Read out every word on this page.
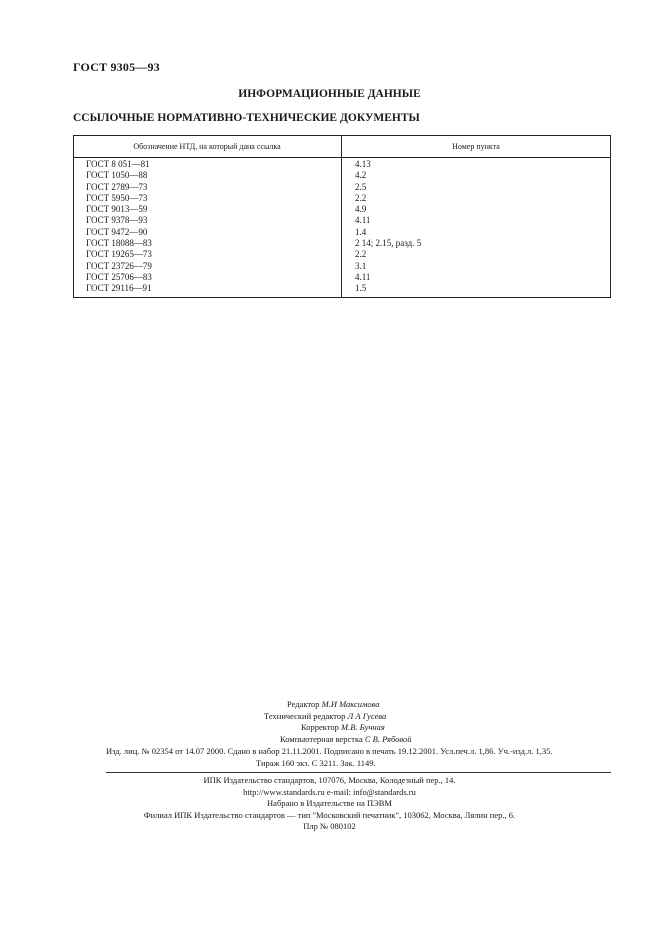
ГОСТ 9305—93
ИНФОРМАЦИОННЫЕ ДАННЫЕ
ССЫЛОЧНЫЕ НОРМАТИВНО-ТЕХНИЧЕСКИЕ ДОКУМЕНТЫ
Обозначение НТД, на который дана ссылка	Номер пункта
ГОСТ 8 051—81	4.13
ГОСТ 1050—88	4.2
ГОСТ 2789—73	2.5
ГОСТ 5950—73	2.2
ГОСТ 9013—59	4.9
ГОСТ 9378—93	4.11
ГОСТ 9472—90	1.4
ГОСТ 18088—83	2 14; 2.15, разд. 5
ГОСТ 19265—73	2.2
ГОСТ 23726—79	3.1
ГОСТ 25706—83	4.11
ГОСТ 29116—91	1.5
Редактор М.И Максимова
Технический редактор Л А Гусева
Корректор М.В. Бучная
Компьютерная верстка С В. Рябовой
Изд. лиц. № 02354 от 14.07 2000. Сдано в набор 21.11.2001. Подписано в печать 19.12.2001. Усл.печ.л. 1,86. Уч.-изд.л. 1,35.
Тираж 160 экз. С 3211. Зак. 1149.
ИПК Издательство стандартов, 107076, Москва, Колодезный пер., 14.
http://www.standards.ru e-mail: info@standards.ru
Набрано в Издательстве на ПЭВМ
Филиал ИПК Издательство стандартов — тип "Московский печатник", 103062, Москва, Лялин пер., 6.
Плр № 080102
